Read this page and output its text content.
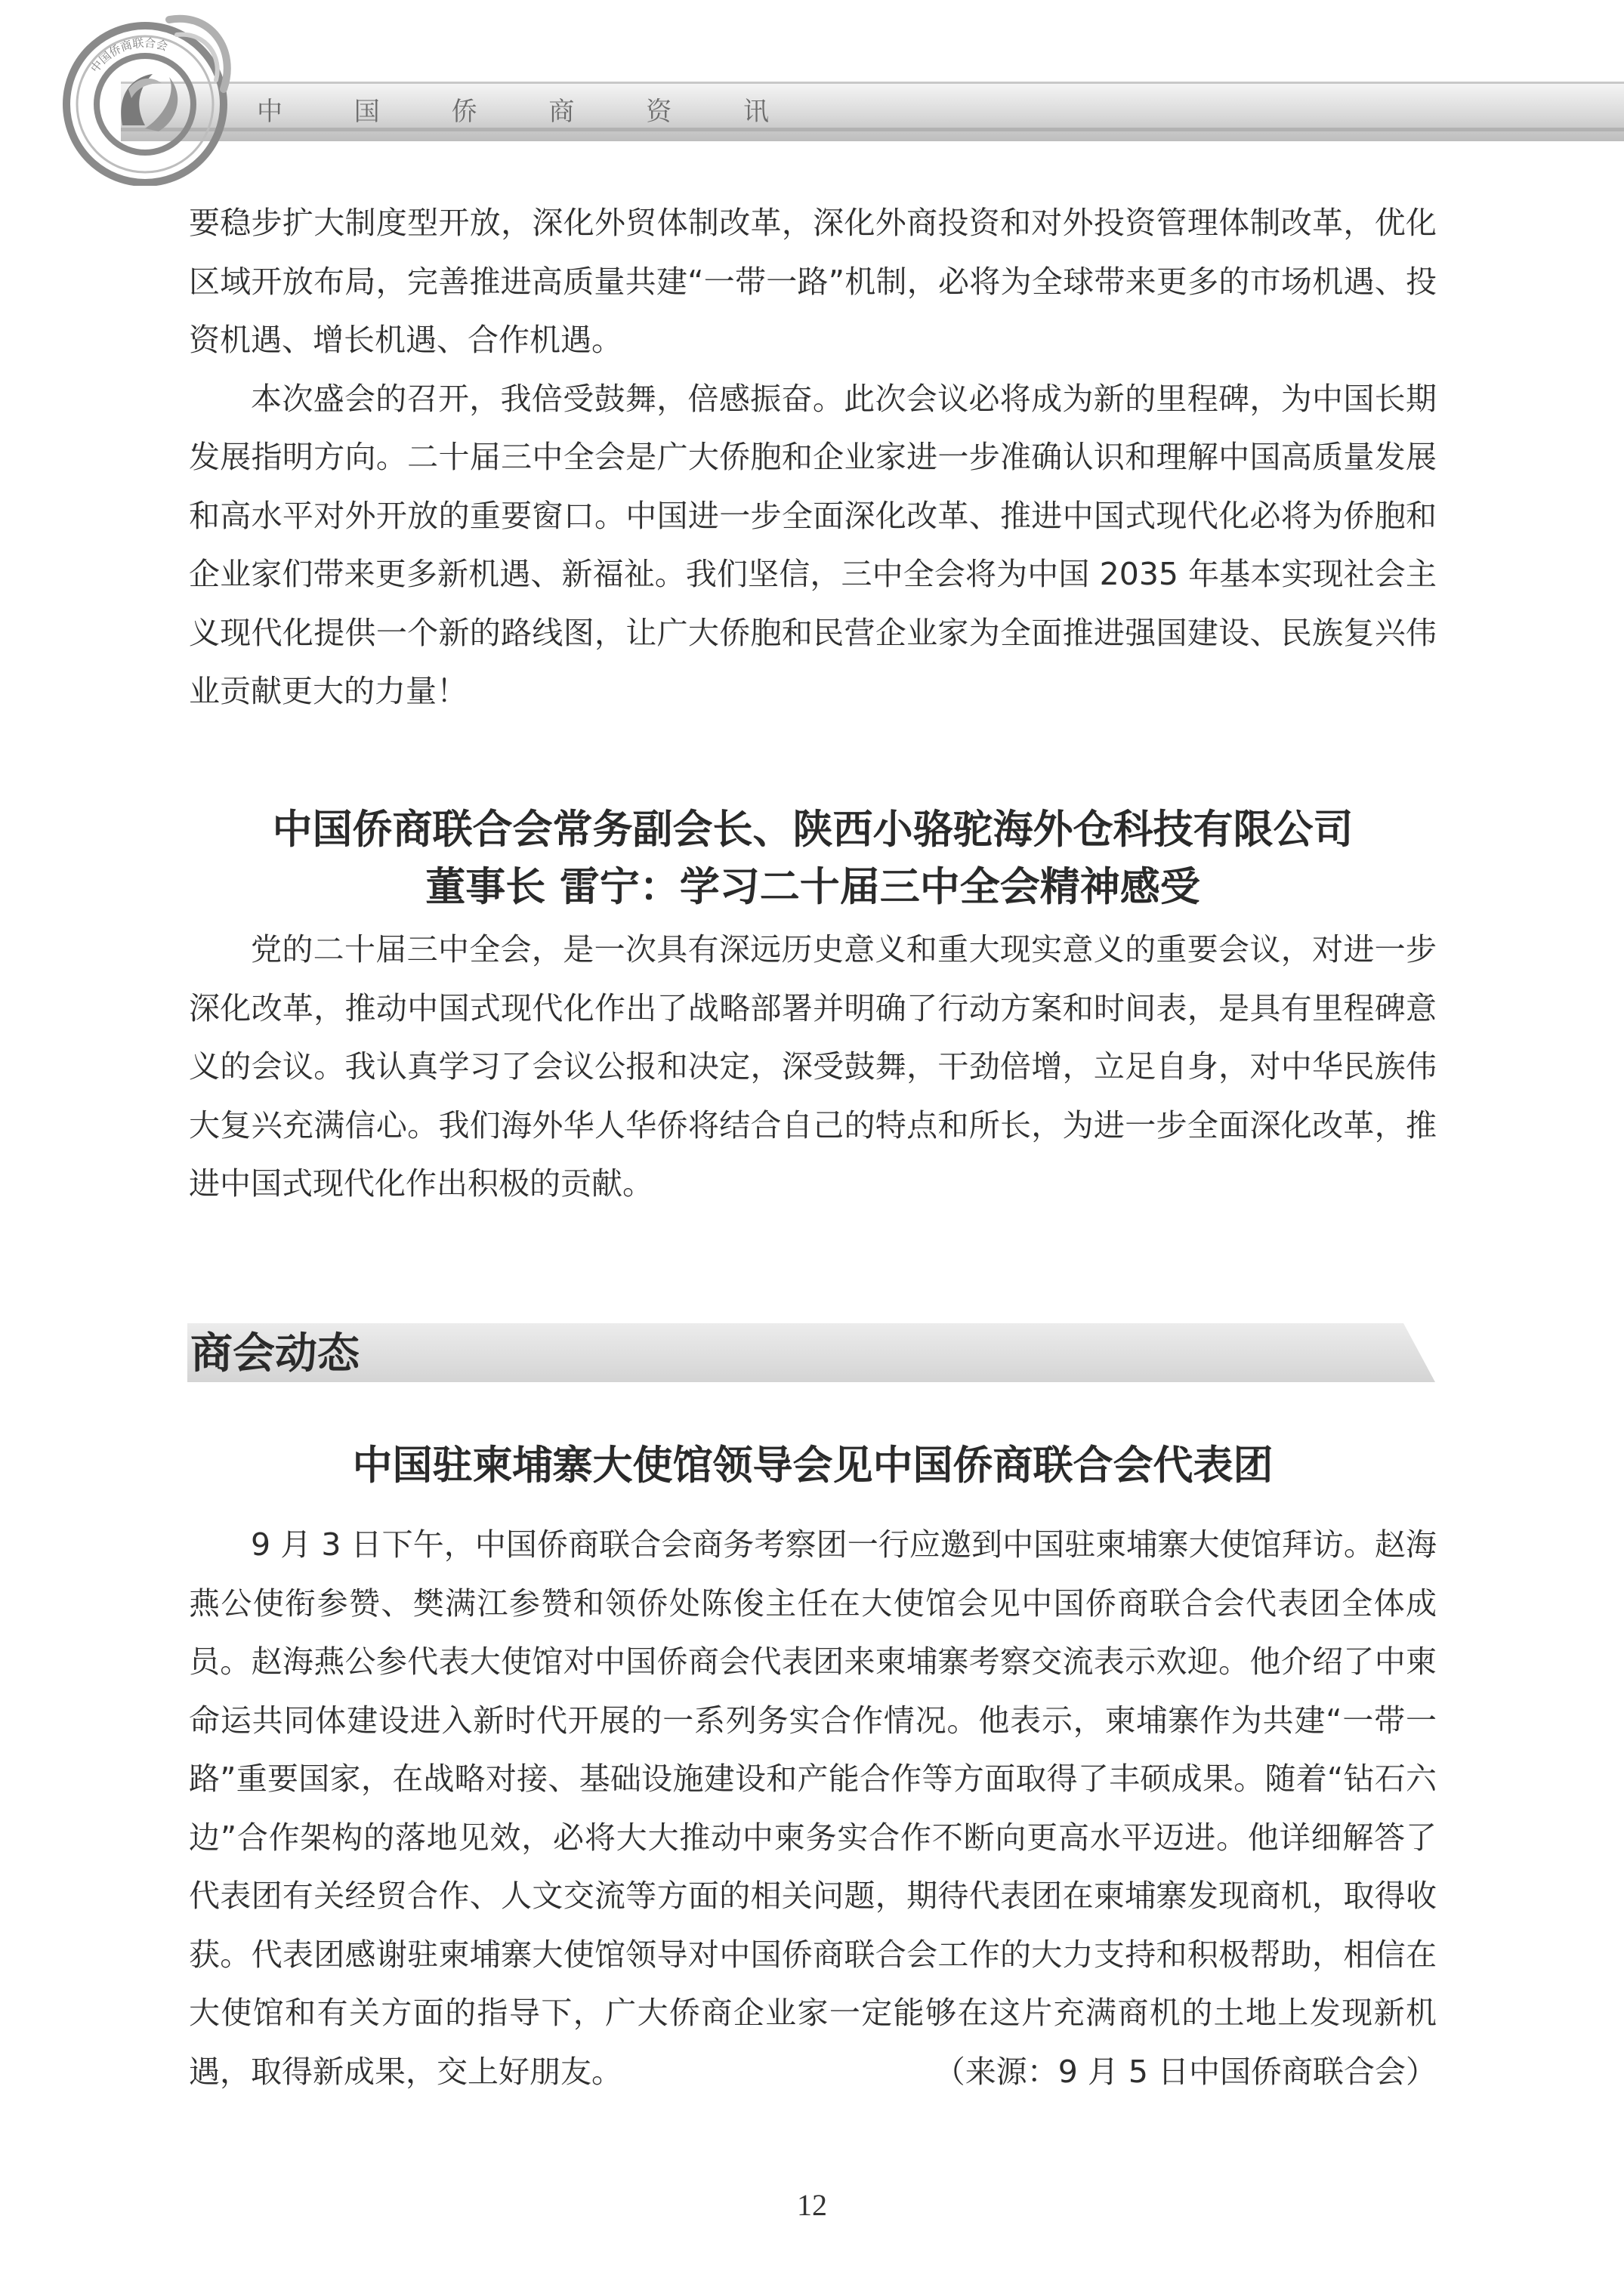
中国侨商联合会
中 国 侨 商 资 讯

要稳步扩大制度型开放，深化外贸体制改革，深化外商投资和对外投资管理体制改革，优化区域开放布局，完善推进高质量共建“一带一路”机制，必将为全球带来更多的市场机遇、投资机遇、增长机遇、合作机遇。

本次盛会的召开，我倍受鼓舞，倍感振奋。此次会议必将成为新的里程碑，为中国长期发展指明方向。二十届三中全会是广大侨胞和企业家进一步准确认识和理解中国高质量发展和高水平对外开放的重要窗口。中国进一步全面深化改革、推进中国式现代化必将为侨胞和企业家们带来更多新机遇、新福祉。我们坚信，三中全会将为中国 2035 年基本实现社会主义现代化提供一个新的路线图，让广大侨胞和民营企业家为全面推进强国建设、民族复兴伟业贡献更大的力量！

中国侨商联合会常务副会长、陕西小骆驼海外仓科技有限公司
董事长 雷宁：学习二十届三中全会精神感受

党的二十届三中全会，是一次具有深远历史意义和重大现实意义的重要会议，对进一步深化改革，推动中国式现代化作出了战略部署并明确了行动方案和时间表，是具有里程碑意义的会议。我认真学习了会议公报和决定，深受鼓舞，干劲倍增，立足自身，对中华民族伟大复兴充满信心。我们海外华人华侨将结合自己的特点和所长，为进一步全面深化改革，推进中国式现代化作出积极的贡献。

商会动态
中国驻柬埔寨大使馆领导会见中国侨商联合会代表团

9 月 3 日下午，中国侨商联合会商务考察团一行应邀到中国驻柬埔寨大使馆拜访。赵海燕公使衔参赞、樊满江参赞和领侨处陈俊主任在大使馆会见中国侨商联合会代表团全体成员。赵海燕公参代表大使馆对中国侨商会代表团来柬埔寨考察交流表示欢迎。他介绍了中柬命运共同体建设进入新时代开展的一系列务实合作情况。他表示，柬埔寨作为共建“一带一路”重要国家，在战略对接、基础设施建设和产能合作等方面取得了丰硕成果。随着“钻石六边”合作架构的落地见效，必将大大推动中柬务实合作不断向更高水平迈进。他详细解答了代表团有关经贸合作、人文交流等方面的相关问题，期待代表团在柬埔寨发现商机，取得收获。代表团感谢驻柬埔寨大使馆领导对中国侨商联合会工作的大力支持和积极帮助，相信在大使馆和有关方面的指导下，广大侨商企业家一定能够在这片充满商机的土地上发现新机遇，取得新成果，交上好朋友。	（来源：9 月 5 日中国侨商联合会）

12
